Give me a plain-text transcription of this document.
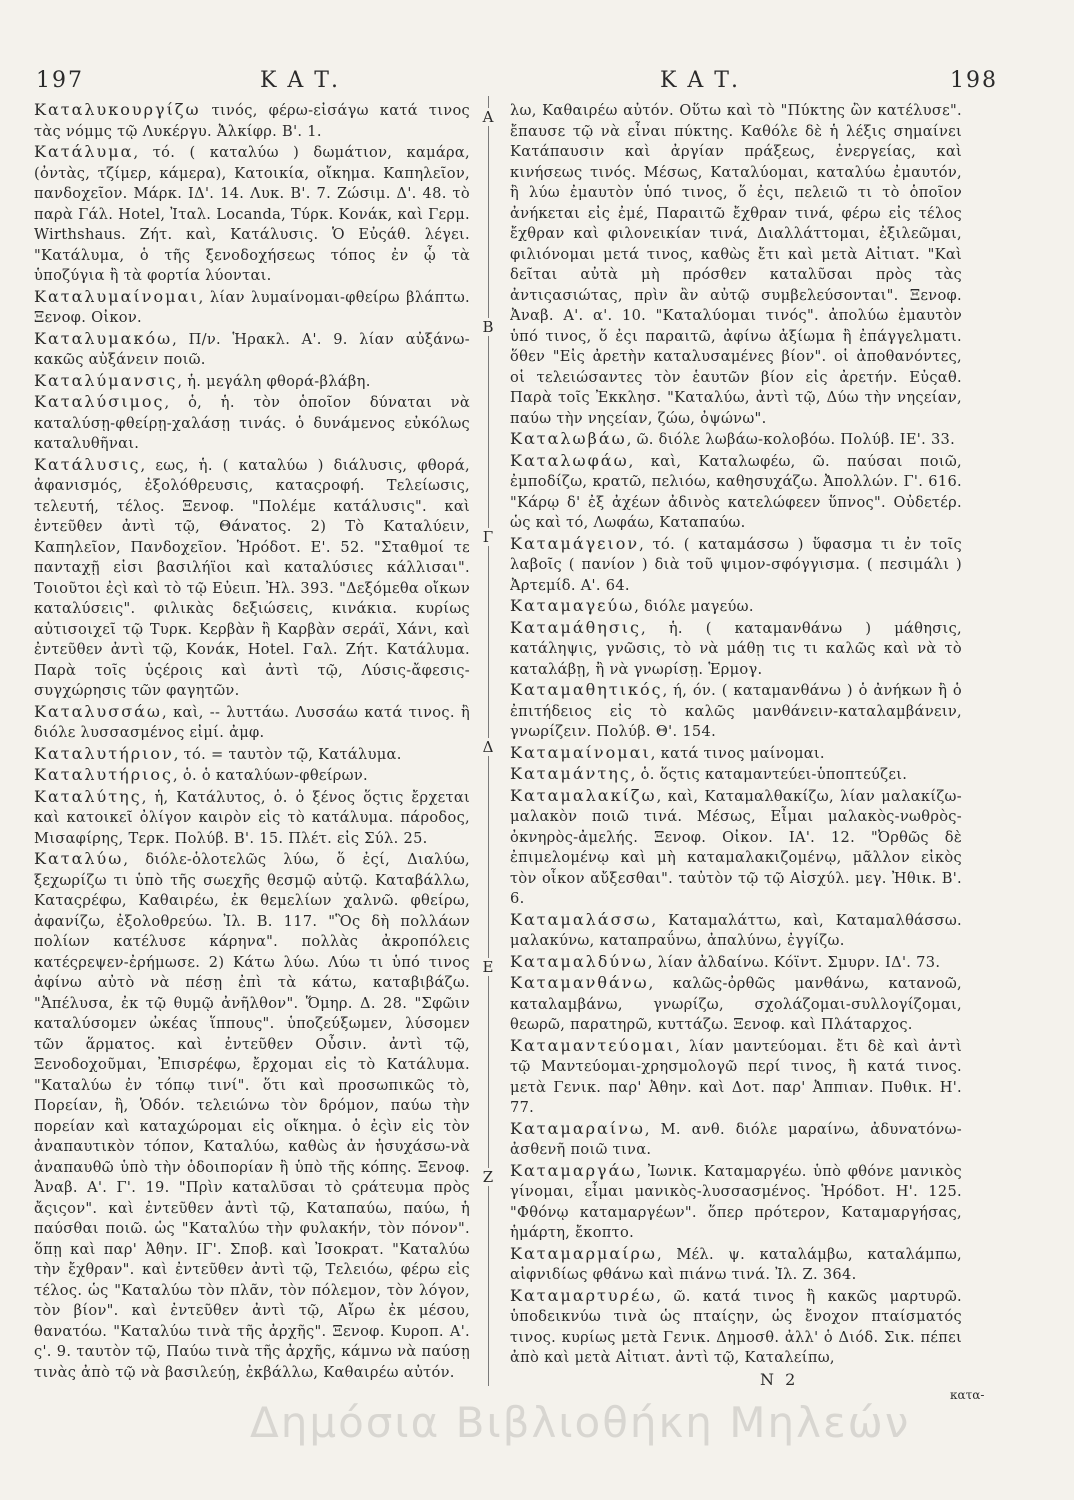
197	Κ Α Τ.	Κ Α Τ.	198

Καταλυκουργίζω τινός, φέρω-εἰσάγω κατά τινος τὰς νόμμς τῷ Λυκέργυ. Ἀλκίφρ. Β'. 1.

Κατάλυμα, τό. ( καταλύω ) δωμάτιον, καμάρα, (ὀντὰς, τζίμερ, κάμερα), Κατοικία, οἴκημα. Καπηλεῖον, πανδοχεῖον. Μάρκ. ΙΔ'. 14. Λυκ. Β'. 7. Ζώσιμ. Δ'. 48. τὸ παρὰ Γάλ. Hotel, Ἰταλ. Locanda, Τύρκ. Κονάκ, καὶ Γερμ. Wirthshaus. Ζήτ. καὶ, Κατάλυσις. Ὁ Εὐςάθ. λέγει. "Κατάλυμα, ὁ τῆς ξενοδοχήσεως τόπος ἐν ᾧ τὰ ὑποζύγια ἢ τὰ φορτία λύονται.

Καταλυμαίνομαι, λίαν λυμαίνομαι-φθείρω βλάπτω. Ξενοφ. Οἰκον.

Καταλυμακόω, Π/ν. Ἡρακλ. Α'. 9. λίαν αὐξάνω-κακῶς αὐξάνειν ποιῶ.

Καταλύμανσις, ἡ. μεγάλη φθορά-βλάβη.

Καταλύσιμος, ὁ, ἡ. τὸν ὁποῖον δύναται νὰ καταλύσῃ-φθείρῃ-χαλάσῃ τινάς. ὁ δυνάμενος εὐκόλως καταλυθῆναι.

Κατάλυσις, εως, ἡ. ( καταλύω ) διάλυσις, φθορά, ἀφανισμός, ἐξολόθρευσις, καταςροφή. Τελείωσις, τελευτή, τέλος. Ξενοφ. "Πολέμε κατάλυσις". καὶ ἐντεῦθεν ἀντὶ τῷ, Θάνατος. 2) Τὸ Καταλύειν, Καπηλεῖον, Πανδοχεῖον. Ἡρόδοτ. Ε'. 52. "Σταθμοί τε πανταχῇ εἰσι βασιλήϊοι καὶ καταλύσιες κάλλισαι". Τοιοῦτοι ἐςὶ καὶ τὸ τῷ Εὐειπ. Ἠλ. 393. "Δεξόμεθα οἴκων καταλύσεις". φιλικὰς δεξιώσεις, κινάκια. κυρίως αὐτισοιχεῖ τῷ Τυρκ. Κερβὰν ἢ Καρβὰν σεράϊ, Χάνι, καὶ ἐντεῦθεν ἀντὶ τῷ, Κονάκ, Hotel. Γαλ. Ζήτ. Κατάλυμα. Παρὰ τοῖς ὑςέροις καὶ ἀντὶ τῷ, Λύσις-ἄφεσις-συγχώρησις τῶν φαγητῶν.

Καταλυσσάω, καὶ, -- λυττάω. Λυσσάω κατά τινος. ἢ διόλε λυσσασμένος εἰμί. ἀμφ.

Καταλυτήριον, τό. = ταυτὸν τῷ, Κατάλυμα.

Καταλυτήριος, ὁ. ὁ καταλύων-φθείρων.

Καταλύτης, ἡ, Κατάλυτος, ὁ. ὁ ξένος ὅςτις ἔρχεται καὶ κατοικεῖ ὀλίγον καιρὸν εἰς τὸ κατάλυμα. πάροδος, Μισαφίρης, Τερκ. Πολύβ. Β'. 15. Πλέτ. εἰς Σύλ. 25.

Καταλύω, διόλε-ὁλοτελῶς λύω, ὅ ἐςί, Διαλύω, ξεχωρίζω τι ὑπὸ τῆς σωεχῆς θεσμῷ αὐτῷ. Καταβάλλω, Καταςρέφω, Καθαιρέω, ἐκ θεμελίων χαλνῶ. φθείρω, ἀφανίζω, ἐξολοθρεύω. Ἰλ. Β. 117. "Ὃς δὴ πολλάων πολίων κατέλυσε κάρηνα". πολλὰς ἀκροπόλεις κατέςρεψεν-ἐρήμωσε. 2) Κάτω λύω. Λύω τι ὑπό τινος ἀφίνω αὐτὸ νὰ πέσῃ ἐπὶ τὰ κάτω, καταβιβάζω. "Ἀπέλυσα, ἐκ τῷ θυμῷ ἀνῆλθον". Ὅμηρ. Δ. 28. "Σφῶιν καταλύσομεν ὠκέας ἵππους". ὑποζεύξωμεν, λύσομεν τῶν ἅρματος. καὶ ἐντεῦθεν Οὖσιν. ἀντὶ τῷ, Ξενοδοχοῦμαι, Ἐπισρέφω, ἔρχομαι εἰς τὸ Κατάλυμα. "Καταλύω ἐν τόπῳ τινί". ὅτι καὶ προσωπικῶς τὸ, Πορείαν, ἢ, Ὁδόν. τελειώνω τὸν δρόμον, παύω τὴν πορείαν καὶ καταχώρομαι εἰς οἴκημα. ὁ ἐςὶν εἰς τὸν ἀναπαυτικὸν τόπον, Καταλύω, καθὼς ἀν ἡσυχάσω-νὰ ἀναπαυθῶ ὑπὸ τὴν ὁδοιπορίαν ἢ ὑπὸ τῆς κόπης. Ξενοφ. Ἀναβ. Α'. Γ'. 19. "Πρὶν καταλῦσαι τὸ ςράτευμα πρὸς ἄςιςον". καὶ ἐντεῦθεν ἀντὶ τῷ, Καταπαύω, παύω, ἡ παύσθαι ποιῶ. ὡς "Καταλύω τὴν φυλακήν, τὸν πόνον". ὅπῃ καὶ παρ' Ἀθην. ΙΓ'. Σποβ. καὶ Ἰσοκρατ. "Καταλύω τὴν ἔχθραν". καὶ ἐντεῦθεν ἀντὶ τῷ, Τελειόω, φέρω εἰς τέλος. ὡς "Καταλύω τὸν πλᾶν, τὸν πόλεμον, τὸν λόγον, τὸν βίον". καὶ ἐντεῦθεν ἀντὶ τῷ, Αἴρω ἐκ μέσου, θανατόω. "Καταλύω τινὰ τῆς ἀρχῆς". Ξενοφ. Κυροπ. Α'. ς'. 9. ταυτὸν τῷ, Παύω τινὰ τῆς ἀρχῆς, κάμνω νὰ παύσῃ τινὰς ἀπὸ τῷ νὰ βασιλεύῃ, ἐκβάλλω, Καθαιρέω αὐτόν.

λω, Καθαιρέω αὐτόν. Οὕτω καὶ τὸ "Πύκτης ὢν κατέλυσε". ἔπαυσε τῷ νὰ εἶναι πύκτης. Καθόλε δὲ ἡ λέξις σημαίνει Κατάπαυσιν καὶ ἀργίαν πράξεως, ἐνεργείας, καὶ κινήσεως τινός. Μέσως, Καταλύομαι, καταλύω ἐμαυτόν, ἢ λύω ἐμαυτὸν ὑπό τινος, ὅ ἐςι, πελειῶ τι τὸ ὁποῖον ἀνήκεται εἰς ἐμέ, Παραιτῶ ἔχθραν τινά, φέρω εἰς τέλος ἔχθραν καὶ φιλονεικίαν τινά, Διαλλάττομαι, ἐξιλεῶμαι, φιλιόνομαι μετά τινος, καθὼς ἔτι καὶ μετὰ Αἰτιατ. "Καὶ δεῖται αὐτὰ μὴ πρόσθεν καταλῦσαι πρὸς τὰς ἀντιςασιώτας, πρὶν ἂν αὐτῷ συμβελεύσονται". Ξενοφ. Ἀναβ. Α'. α'. 10. "Καταλύομαι τινός". ἀπολύω ἐμαυτὸν ὑπό τινος, ὅ ἐςι παραιτῶ, ἀφίνω ἀξίωμα ἢ ἐπάγγελματι. ὅθεν "Εἰς ἀρετὴν καταλυσαμένες βίον". οἱ ἀποθανόντες, οἱ τελειώσαντες τὸν ἑαυτῶν βίον εἰς ἀρετήν. Εὐςαθ. Παρὰ τοῖς Ἐκκλησ. "Καταλύω, ἀντὶ τῷ, Δύω τὴν νηςείαν, παύω τὴν νηςείαν, ζώω, ὀψώνω".

Καταλωβάω, ῶ. διόλε λωβάω-κολοβόω. Πολύβ. ΙΕ'. 33.

Καταλωφάω, καὶ, Καταλωφέω, ῶ. παύσαι ποιῶ, ἐμποδίζω, κρατῶ, πελιόω, καθησυχάζω. Ἀπολλών. Γ'. 616. "Κάρῳ δ' ἐξ ἀχέων ἀδινὸς κατελώφεεν ὕπνος". Οὐδετέρ. ὡς καὶ τό, Λωφάω, Καταπαύω.

Καταμάγειον, τό. ( καταμάσσω ) ὕφασμα τι ἐν τοῖς λαβοῖς ( πανίον ) διὰ τοῦ ψιμον-σφόγγισμα. ( πεσιμάλι ) Ἀρτεμίδ. Α'. 64.

Καταμαγεύω, διόλε μαγεύω.

Καταμάθησις, ἡ. ( καταμανθάνω ) μάθησις, κατάληψις, γνῶσις, τὸ νὰ μάθῃ τις τι καλῶς καὶ νὰ τὸ καταλάβῃ, ἢ νὰ γνωρίσῃ. Ἑρμογ.

Καταμαθητικός, ή, όν. ( καταμανθάνω ) ὁ ἀνήκων ἢ ὁ ἐπιτήδειος εἰς τὸ καλῶς μανθάνειν-καταλαμβάνειν, γνωρίζειν. Πολύβ. Θ'. 154.

Καταμαίνομαι, κατά τινος μαίνομαι.

Καταμάντης, ὁ. ὅςτις καταμαντεύει-ὑποπτεύζει.

Καταμαλακίζω, καὶ, Καταμαλθακίζω, λίαν μαλακίζω-μαλακὸν ποιῶ τινά. Μέσως, Εἶμαι μαλακὸς-νωθρὸς-ὀκνηρὸς-ἀμελής. Ξενοφ. Οἰκον. ΙΑ'. 12. "Ὀρθῶς δὲ ἐπιμελομένῳ καὶ μὴ καταμαλακιζομένῳ, μᾶλλον εἰκὸς τὸν οἶκον αὔξεσθαι". ταὐτὸν τῷ τῷ Αἰσχύλ. μεγ. Ἠθικ. Β'. 6.

Καταμαλάσσω, Καταμαλάττω, καὶ, Καταμαλθάσσω. μαλακύνω, καταπραΰνω, ἀπαλύνω, ἐγγίζω.

Καταμαλδύνω, λίαν ἀλδαίνω. Κόϊντ. Σμυρν. ΙΔ'. 73.

Καταμανθάνω, καλῶς-ὀρθῶς μανθάνω, κατανοῶ, καταλαμβάνω, γνωρίζω, σχολάζομαι-συλλογίζομαι, θεωρῶ, παρατηρῶ, κυττάζω. Ξενοφ. καὶ Πλάταρχος.

Καταμαντεύομαι, λίαν μαντεύομαι. ἔτι δὲ καὶ ἀντὶ τῷ Μαντεύομαι-χρησμολογῶ περί τινος, ἢ κατά τινος. μετὰ Γενικ. παρ' Ἀθην. καὶ Δοτ. παρ' Ἀππιαν. Πυθικ. Η'. 77.

Καταμαραίνω, Μ. ανθ. διόλε μαραίνω, ἀδυνατόνω-ἀσθενῆ ποιῶ τινα.

Καταμαργάω, Ἰωνικ. Καταμαργέω. ὑπὸ φθόνε μανικὸς γίνομαι, εἶμαι μανικὸς-λυσσασμένος. Ἡρόδοτ. Η'. 125. "Φθόνῳ καταμαργέων". ὅπερ πρότερον, Καταμαργήσας, ἡμάρτη, ἔκοπτο.

Καταμαρμαίρω, Μέλ. ψ. καταλάμβω, καταλάμπω, αἰφνιδίως φθάνω καὶ πιάνω τινά. Ἰλ. Ζ. 364.

Καταμαρτυρέω, ῶ. κατά τινος ἢ κακῶς μαρτυρῶ. ὑποδεικνύω τινὰ ὡς πταίςην, ὡς ἔνοχον πταίσματός τινος. κυρίως μετὰ Γενικ. Δημοσθ. ἀλλ' ὁ Διόδ. Σικ. πέπει ἀπὸ καὶ μετὰ Αἰτιατ. ἀντὶ τῷ, Καταλείπω,

Α
Β
Γ
Δ
Ε
Ζ
Ν 2
κατα-
Δημόσια Βιβλιοθήκη Μηλεών
